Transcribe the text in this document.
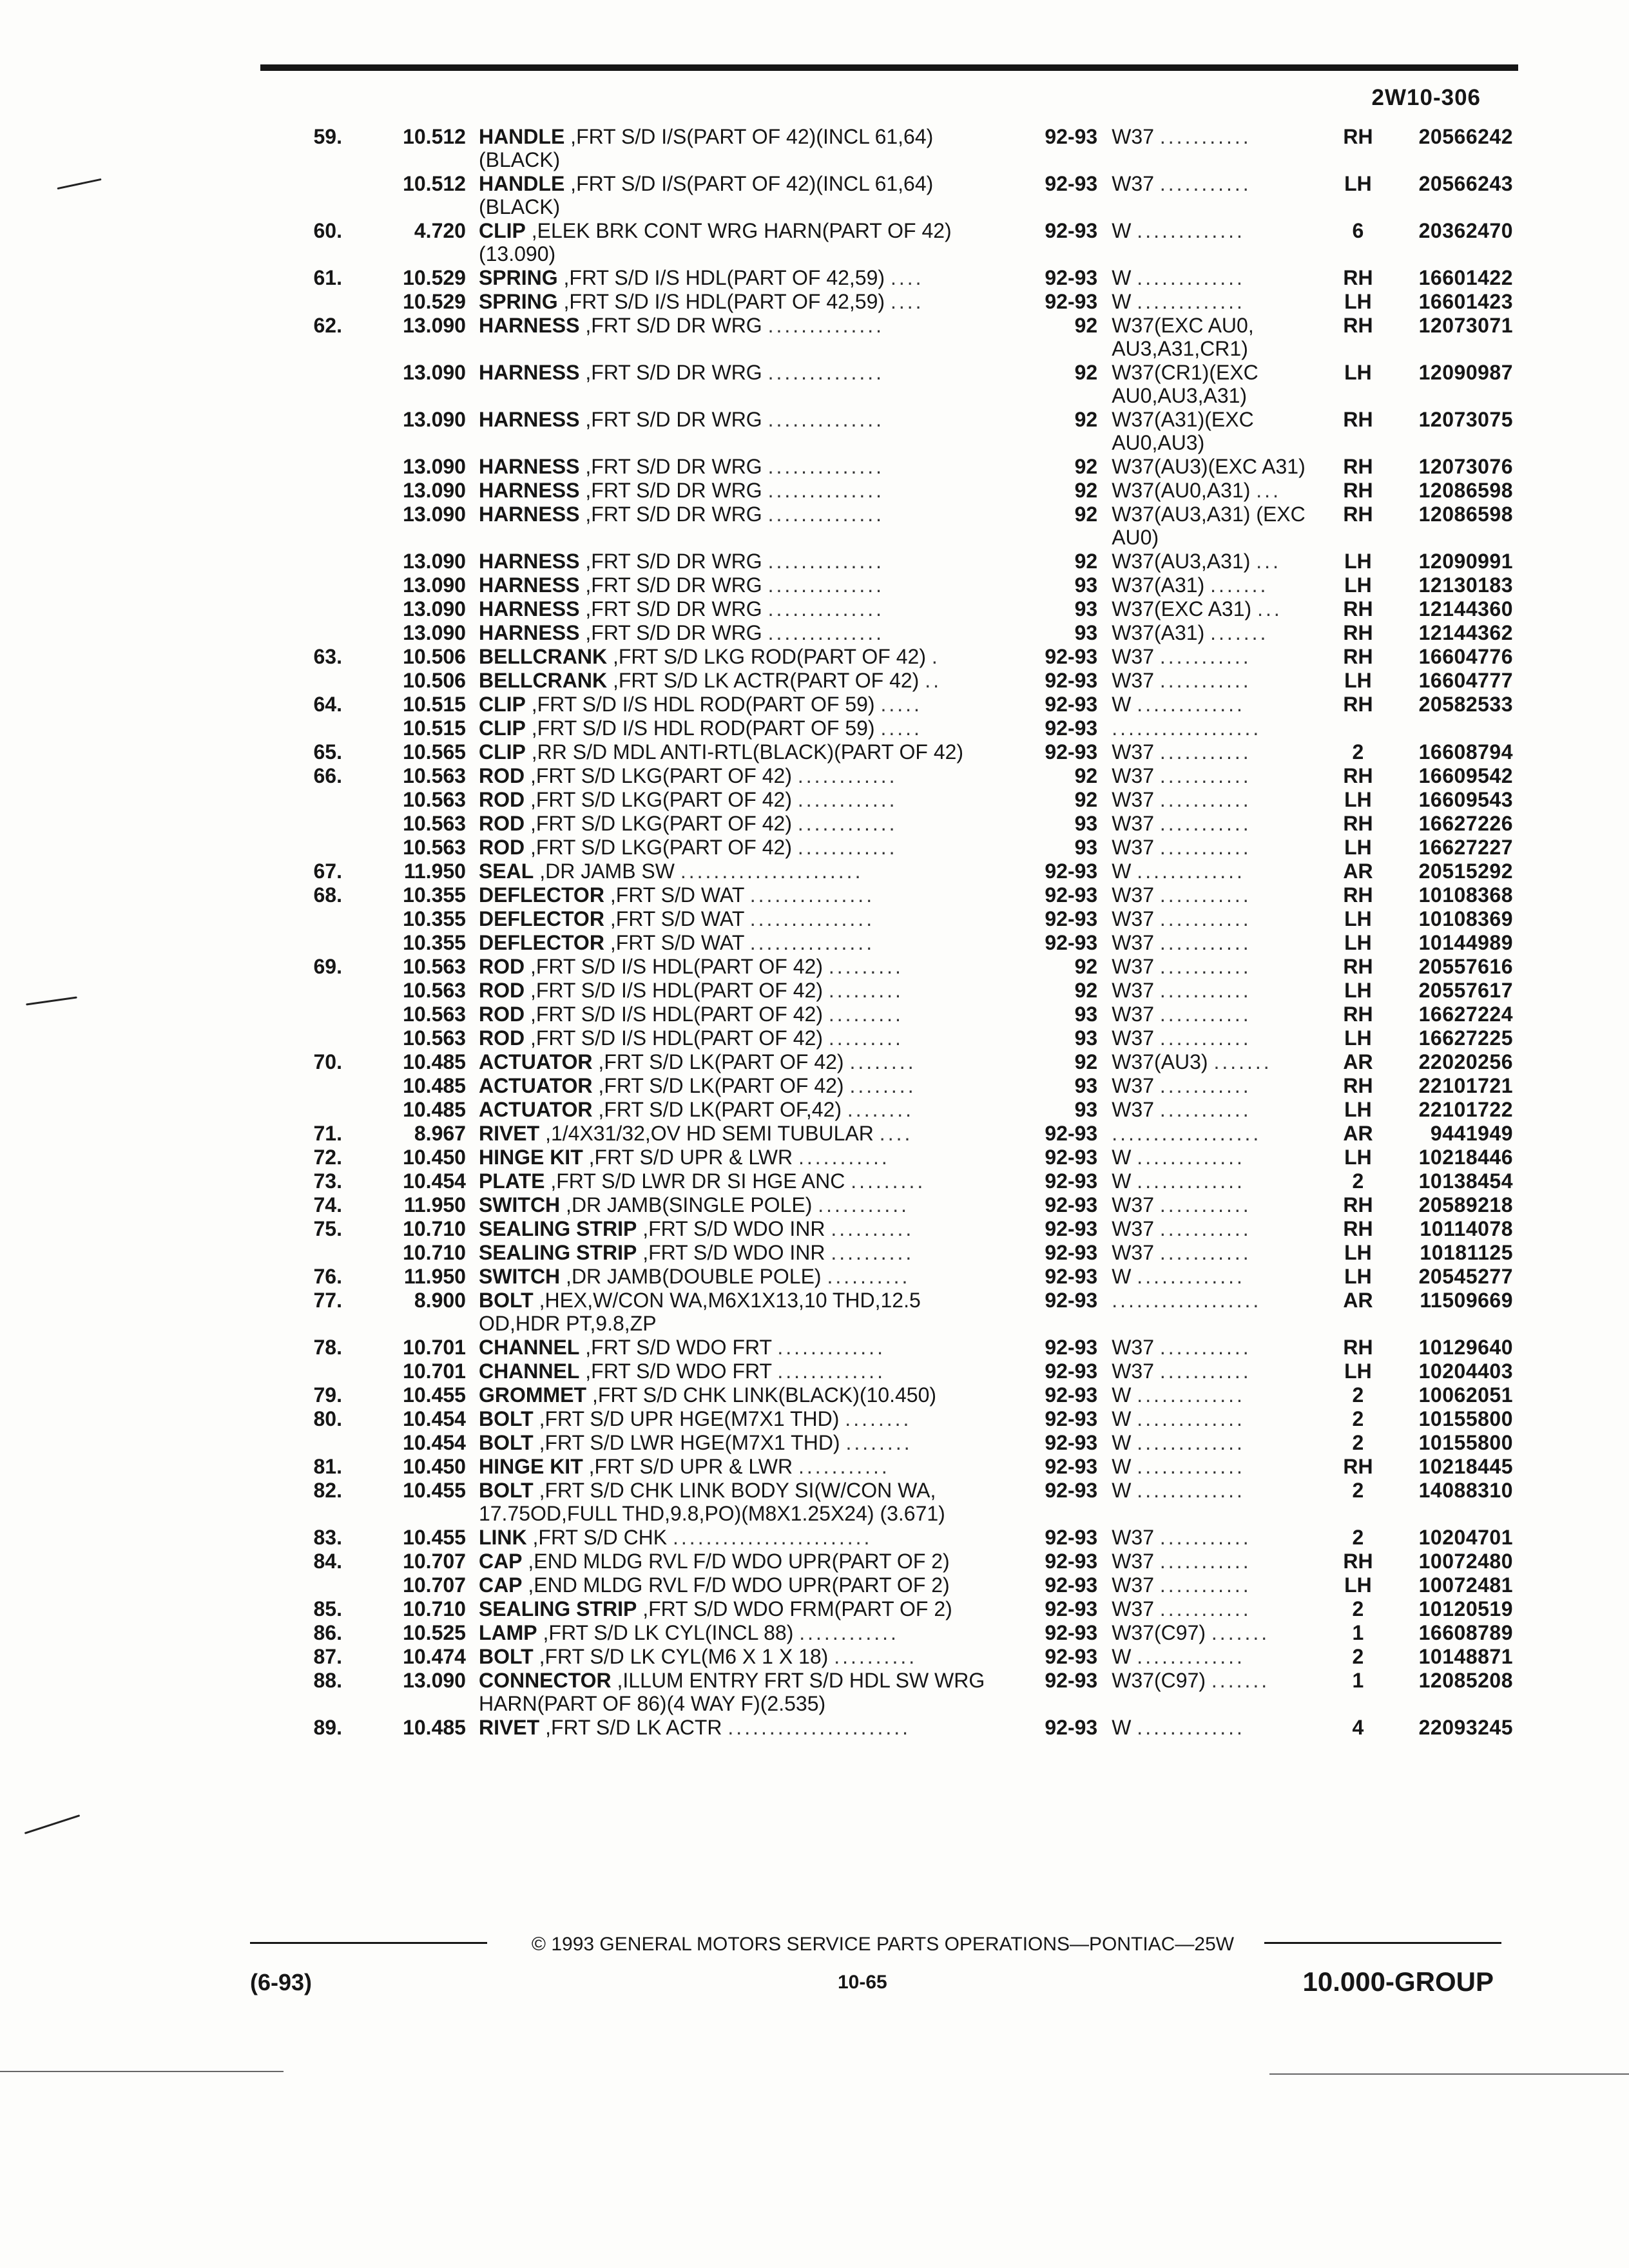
2W10-306
59.	10.512	HANDLE ,FRT S/D I/S(PART OF 42)(INCL 61,64) (BLACK)	92-93	W37 ...........	RH	20566242
	10.512	HANDLE ,FRT S/D I/S(PART OF 42)(INCL 61,64) (BLACK)	92-93	W37 ...........	LH	20566243
60.	4.720	CLIP ,ELEK BRK CONT WRG HARN(PART OF 42)(13.090)	92-93	W .............	6	20362470
61.	10.529	SPRING ,FRT S/D I/S HDL(PART OF 42,59) ....	92-93	W .............	RH	16601422
	10.529	SPRING ,FRT S/D I/S HDL(PART OF 42,59) ....	92-93	W .............	LH	16601423
62.	13.090	HARNESS ,FRT S/D DR WRG ..............	92	W37(EXC AU0, AU3,A31,CR1)	RH	12073071
	13.090	HARNESS ,FRT S/D DR WRG ..............	92	W37(CR1)(EXC AU0,AU3,A31)	LH	12090987
	13.090	HARNESS ,FRT S/D DR WRG ..............	92	W37(A31)(EXC AU0,AU3)	RH	12073075
	13.090	HARNESS ,FRT S/D DR WRG ..............	92	W37(AU3)(EXC A31)	RH	12073076
	13.090	HARNESS ,FRT S/D DR WRG ..............	92	W37(AU0,A31) ...	RH	12086598
	13.090	HARNESS ,FRT S/D DR WRG ..............	92	W37(AU3,A31) (EXC AU0)	RH	12086598
	13.090	HARNESS ,FRT S/D DR WRG ..............	92	W37(AU3,A31) ...	LH	12090991
	13.090	HARNESS ,FRT S/D DR WRG ..............	93	W37(A31) .......	LH	12130183
	13.090	HARNESS ,FRT S/D DR WRG ..............	93	W37(EXC A31) ...	RH	12144360
	13.090	HARNESS ,FRT S/D DR WRG ..............	93	W37(A31) .......	RH	12144362
63.	10.506	BELLCRANK ,FRT S/D LKG ROD(PART OF 42) .	92-93	W37 ...........	RH	16604776
	10.506	BELLCRANK ,FRT S/D LK ACTR(PART OF 42) ..	92-93	W37 ...........	LH	16604777
64.	10.515	CLIP ,FRT S/D I/S HDL ROD(PART OF 59) .....	92-93	W .............	RH	20582533
	10.515	CLIP ,FRT S/D I/S HDL ROD(PART OF 59) .....	92-93	..................		
65.	10.565	CLIP ,RR S/D MDL ANTI-RTL(BLACK)(PART OF 42)	92-93	W37 ...........	2	16608794
66.	10.563	ROD ,FRT S/D LKG(PART OF 42) ............	92	W37 ...........	RH	16609542
	10.563	ROD ,FRT S/D LKG(PART OF 42) ............	92	W37 ...........	LH	16609543
	10.563	ROD ,FRT S/D LKG(PART OF 42) ............	93	W37 ...........	RH	16627226
	10.563	ROD ,FRT S/D LKG(PART OF 42) ............	93	W37 ...........	LH	16627227
67.	11.950	SEAL ,DR JAMB SW ......................	92-93	W .............	AR	20515292
68.	10.355	DEFLECTOR ,FRT S/D WAT ...............	92-93	W37 ...........	RH	10108368
	10.355	DEFLECTOR ,FRT S/D WAT ...............	92-93	W37 ...........	LH	10108369
	10.355	DEFLECTOR ,FRT S/D WAT ...............	92-93	W37 ...........	LH	10144989
69.	10.563	ROD ,FRT S/D I/S HDL(PART OF 42) .........	92	W37 ...........	RH	20557616
	10.563	ROD ,FRT S/D I/S HDL(PART OF 42) .........	92	W37 ...........	LH	20557617
	10.563	ROD ,FRT S/D I/S HDL(PART OF 42) .........	93	W37 ...........	RH	16627224
	10.563	ROD ,FRT S/D I/S HDL(PART OF 42) .........	93	W37 ...........	LH	16627225
70.	10.485	ACTUATOR ,FRT S/D LK(PART OF 42) ........	92	W37(AU3) .......	AR	22020256
	10.485	ACTUATOR ,FRT S/D LK(PART OF 42) ........	93	W37 ...........	RH	22101721
	10.485	ACTUATOR ,FRT S/D LK(PART OF,42) ........	93	W37 ...........	LH	22101722
71.	8.967	RIVET ,1/4X31/32,OV HD SEMI TUBULAR ....	92-93	..................	AR	9441949
72.	10.450	HINGE KIT ,FRT S/D UPR & LWR ...........	92-93	W .............	LH	10218446
73.	10.454	PLATE ,FRT S/D LWR DR SI HGE ANC .........	92-93	W .............	2	10138454
74.	11.950	SWITCH ,DR JAMB(SINGLE POLE) ...........	92-93	W37 ...........	RH	20589218
75.	10.710	SEALING STRIP ,FRT S/D WDO INR ..........	92-93	W37 ...........	RH	10114078
	10.710	SEALING STRIP ,FRT S/D WDO INR ..........	92-93	W37 ...........	LH	10181125
76.	11.950	SWITCH ,DR JAMB(DOUBLE POLE) ..........	92-93	W .............	LH	20545277
77.	8.900	BOLT ,HEX,W/CON WA,M6X1X13,10 THD,12.5 OD,HDR PT,9.8,ZP	92-93	..................	AR	11509669
78.	10.701	CHANNEL ,FRT S/D WDO FRT .............	92-93	W37 ...........	RH	10129640
	10.701	CHANNEL ,FRT S/D WDO FRT .............	92-93	W37 ...........	LH	10204403
79.	10.455	GROMMET ,FRT S/D CHK LINK(BLACK)(10.450)	92-93	W .............	2	10062051
80.	10.454	BOLT ,FRT S/D UPR HGE(M7X1 THD) ........	92-93	W .............	2	10155800
	10.454	BOLT ,FRT S/D LWR HGE(M7X1 THD) ........	92-93	W .............	2	10155800
81.	10.450	HINGE KIT ,FRT S/D UPR & LWR ...........	92-93	W .............	RH	10218445
82.	10.455	BOLT ,FRT S/D CHK LINK BODY SI(W/CON WA, 17.75OD,FULL THD,9.8,PO)(M8X1.25X24) (3.671)	92-93	W .............	2	14088310
83.	10.455	LINK ,FRT S/D CHK ........................	92-93	W37 ...........	2	10204701
84.	10.707	CAP ,END MLDG RVL F/D WDO UPR(PART OF 2)	92-93	W37 ...........	RH	10072480
	10.707	CAP ,END MLDG RVL F/D WDO UPR(PART OF 2)	92-93	W37 ...........	LH	10072481
85.	10.710	SEALING STRIP ,FRT S/D WDO FRM(PART OF 2)	92-93	W37 ...........	2	10120519
86.	10.525	LAMP ,FRT S/D LK CYL(INCL 88) ............	92-93	W37(C97) .......	1	16608789
87.	10.474	BOLT ,FRT S/D LK CYL(M6 X 1 X 18) ..........	92-93	W .............	2	10148871
88.	13.090	CONNECTOR ,ILLUM ENTRY FRT S/D HDL SW WRG HARN(PART OF 86)(4 WAY F)(2.535)	92-93	W37(C97) .......	1	12085208
89.	10.485	RIVET ,FRT S/D LK ACTR ......................	92-93	W .............	4	22093245
© 1993 GENERAL MOTORS SERVICE PARTS OPERATIONS—PONTIAC—25W
(6-93)	10-65	10.000-GROUP
